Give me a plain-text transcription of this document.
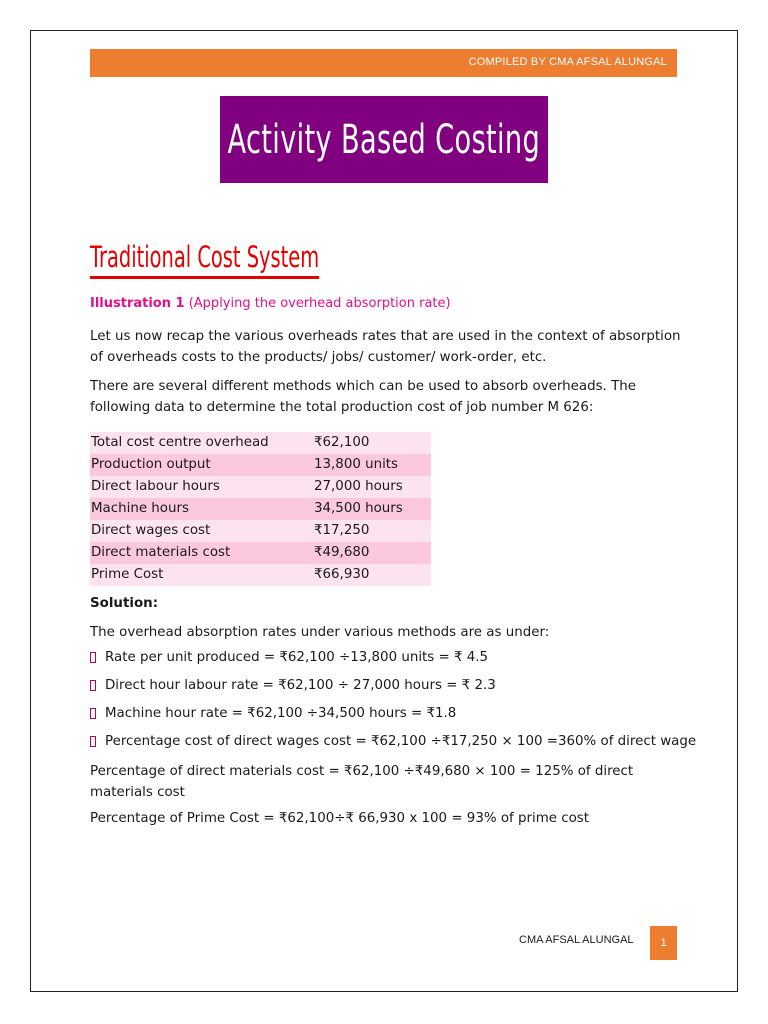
COMPILED BY CMA AFSAL ALUNGAL
Activity Based Costing
Traditional Cost System
Illustration 1 (Applying the overhead absorption rate)
Let us now recap the various overheads rates that are used in the context of absorption of overheads costs to the products/ jobs/ customer/ work-order, etc.
There are several different methods which can be used to absorb overheads. The following data to determine the total production cost of job number M 626:
Total cost centre overhead	₹62,100
Production output	13,800 units
Direct labour hours	27,000 hours
Machine hours	34,500 hours
Direct wages cost	₹17,250
Direct materials cost	₹49,680
Prime Cost	₹66,930
Solution:
The overhead absorption rates under various methods are as under:
Rate per unit produced = ₹62,100 ÷13,800 units = ₹ 4.5
Direct hour labour rate = ₹62,100 ÷ 27,000 hours = ₹ 2.3
Machine hour rate = ₹62,100 ÷34,500 hours = ₹1.8
Percentage cost of direct wages cost = ₹62,100 ÷₹17,250 × 100 =360% of direct wage
Percentage of direct materials cost = ₹62,100 ÷₹49,680 × 100 = 125% of direct materials cost
Percentage of Prime Cost = ₹62,100÷₹ 66,930 x 100 = 93% of prime cost
CMA AFSAL ALUNGAL	1
